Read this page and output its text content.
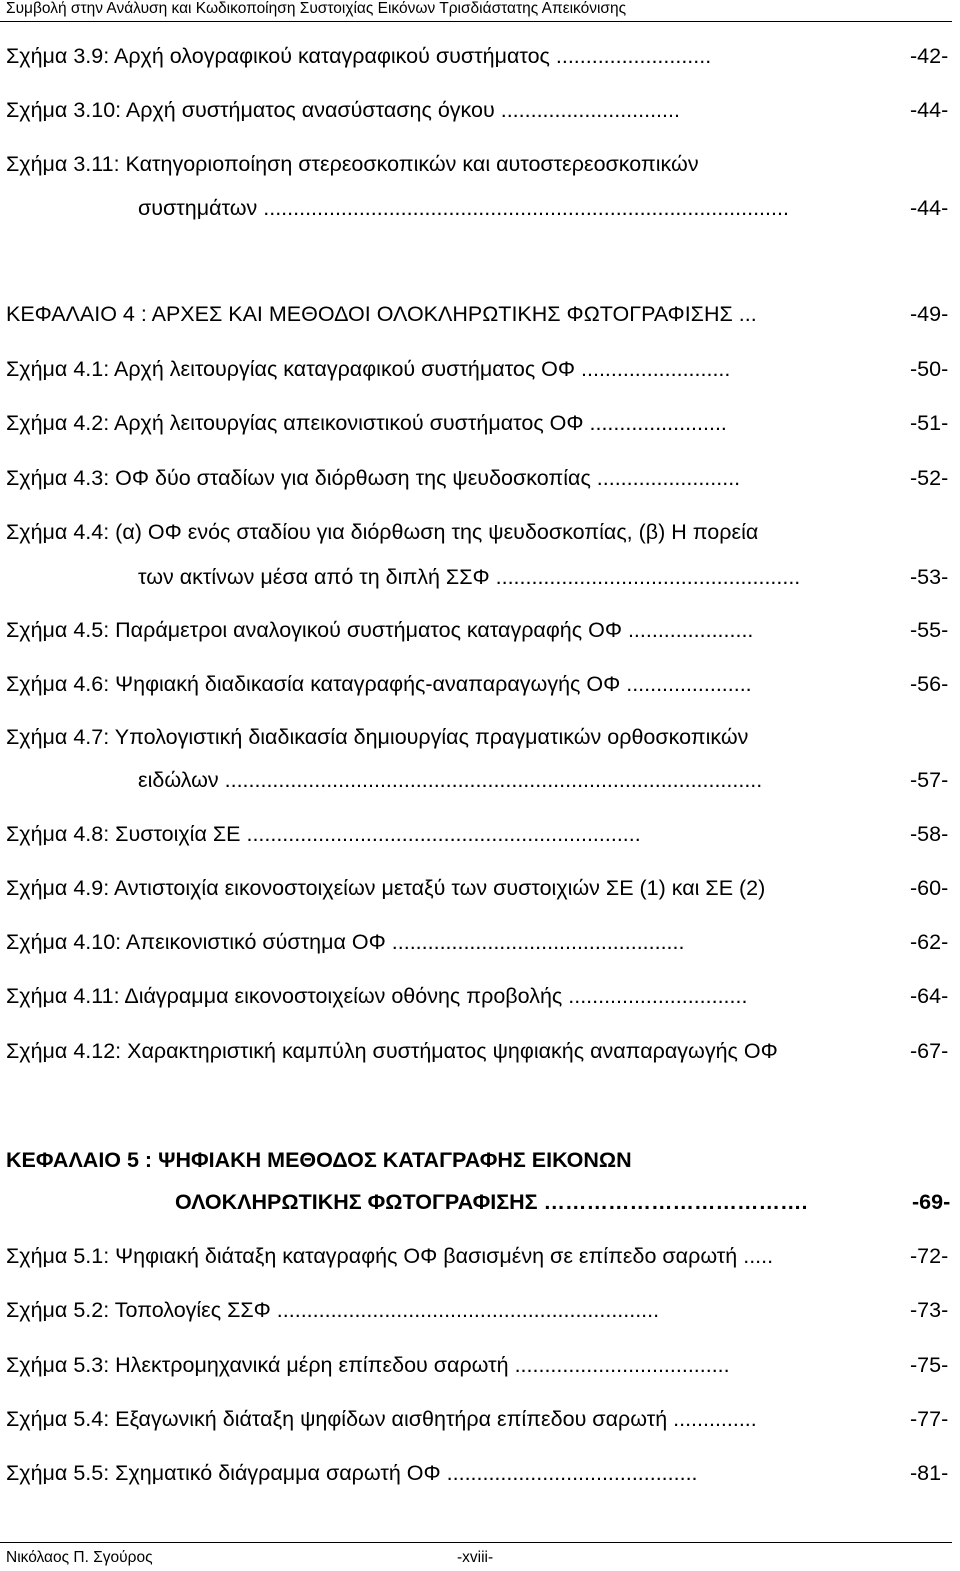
Συμβολή στην Ανάλυση και Κωδικοποίηση Συστοιχίας Εικόνων Τρισδιάστατης Απεικόνισης
Σχήμα 3.9: Αρχή ολογραφικού καταγραφικού συστήματος ..........................	-42-
Σχήμα 3.10: Αρχή συστήματος ανασύστασης όγκου ..............................	-44-
Σχήμα 3.11: Κατηγοριοποίηση στερεοσκοπικών και αυτοστερεοσκοπικών
συστημάτων ........................................................................................	-44-
ΚΕΦΑΛΑΙΟ 4 : ΑΡΧΕΣ ΚΑΙ ΜΕΘΟΔΟΙ ΟΛΟΚΛΗΡΩΤΙΚΗΣ ΦΩΤΟΓΡΑΦΙΣΗΣ ...	-49-
Σχήμα 4.1: Αρχή λειτουργίας καταγραφικού συστήματος ΟΦ .........................	-50-
Σχήμα 4.2: Αρχή λειτουργίας απεικονιστικού συστήματος ΟΦ .......................	-51-
Σχήμα 4.3: ΟΦ δύο σταδίων για διόρθωση της ψευδοσκοπίας ........................	-52-
Σχήμα 4.4: (α) ΟΦ ενός σταδίου για διόρθωση της ψευδοσκοπίας, (β) Η πορεία
των ακτίνων μέσα από τη διπλή ΣΣΦ ...................................................	-53-
Σχήμα 4.5: Παράμετροι αναλογικού συστήματος καταγραφής ΟΦ .....................	-55-
Σχήμα 4.6: Ψηφιακή διαδικασία καταγραφής-αναπαραγωγής ΟΦ .....................	-56-
Σχήμα 4.7: Υπολογιστική διαδικασία δημιουργίας πραγματικών ορθοσκοπικών
ειδώλων ..........................................................................................	-57-
Σχήμα 4.8: Συστοιχία ΣΕ ..................................................................	-58-
Σχήμα 4.9: Αντιστοιχία εικονοστοιχείων μεταξύ των συστοιχιών ΣΕ (1) και ΣΕ (2)	-60-
Σχήμα 4.10: Απεικονιστικό σύστημα ΟΦ .................................................	-62-
Σχήμα 4.11: Διάγραμμα εικονοστοιχείων οθόνης προβολής ..............................	-64-
Σχήμα 4.12: Χαρακτηριστική καμπύλη συστήματος ψηφιακής αναπαραγωγής ΟΦ	-67-
ΚΕΦΑΛΑΙΟ 5 : ΨΗΦΙΑΚΗ ΜΕΘΟΔΟΣ ΚΑΤΑΓΡΑΦΗΣ ΕΙΚΟΝΩΝ
ΟΛΟΚΛΗΡΩΤΙΚΗΣ ΦΩΤΟΓΡΑΦΙΣΗΣ ……………………………….	-69-
Σχήμα 5.1: Ψηφιακή διάταξη καταγραφής ΟΦ βασισμένη σε επίπεδο σαρωτή .....	-72-
Σχήμα 5.2: Τοπολογίες ΣΣΦ ................................................................	-73-
Σχήμα 5.3: Ηλεκτρομηχανικά μέρη επίπεδου σαρωτή ....................................	-75-
Σχήμα 5.4: Εξαγωνική διάταξη ψηφίδων αισθητήρα επίπεδου σαρωτή ..............	-77-
Σχήμα 5.5: Σχηματικό διάγραμμα σαρωτή ΟΦ ..........................................	-81-
Νικόλαος Π. Σγούρος	-xviii-
